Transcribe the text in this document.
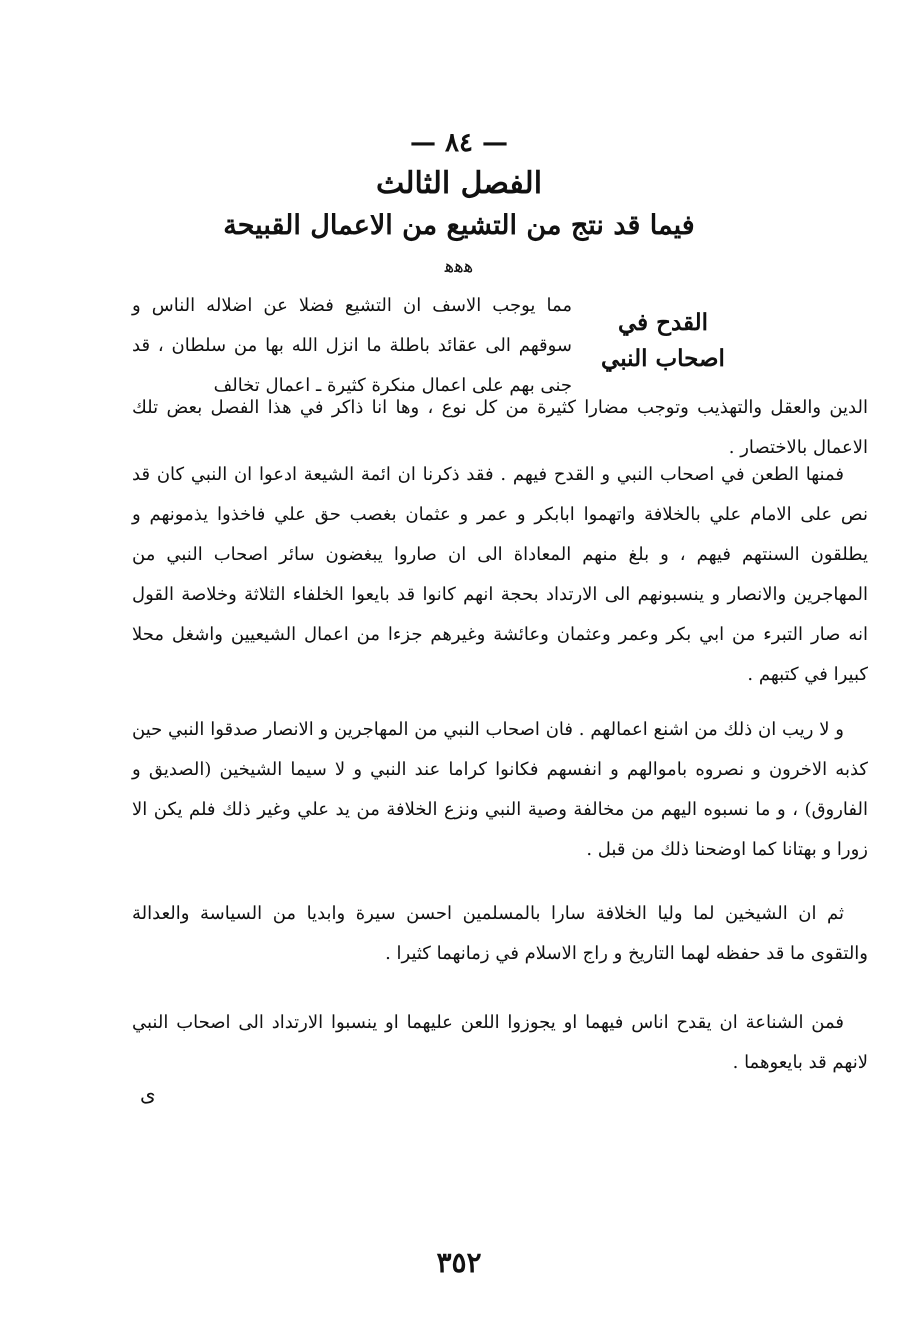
— ٨٤ —
الفصل الثالث
فيما قد نتج من التشيع من الاعمال القبيحة
ﻫﻫﻫ
القدح في اصحاب النبي
مما يوجب الاسف ان التشيع فضلا عن اضلاله الناس و سوقهم الى عقائد باطلة ما انزل الله بها من سلطان ، قد جنى بهم على اعمال منكرة كثيرة ـ اعمال تخالف
الدين والعقل والتهذيب وتوجب مضارا كثيرة من كل نوع ، وها انا ذاكر في هذا الفصل بعض تلك الاعمال بالاختصار .

فمنها الطعن في اصحاب النبي و القدح فيهم . فقد ذكرنا ان ائمة الشيعة ادعوا ان النبي كان قد نص على الامام علي بالخلافة واتهموا ابابكر و عمر و عثمان بغصب حق علي فاخذوا يذمونهم و يطلقون السنتهم فيهم ، و بلغ منهم المعاداة الى ان صاروا يبغضون سائر اصحاب النبي من المهاجرين والانصار و ينسبونهم الى الارتداد بحجة انهم كانوا قد بايعوا الخلفاء الثلاثة وخلاصة القول انه صار التبرء من ابي بكر وعمر وعثمان وعائشة وغيرهم جزءا من اعمال الشيعيين واشغل محلا كبيرا في كتبهم .

و لا ريب ان ذلك من اشنع اعمالهم . فان اصحاب النبي من المهاجرين و الانصار صدقوا النبي حين كذبه الاخرون و نصروه باموالهم و انفسهم فكانوا كراما عند النبي و لا سيما الشيخين (الصديق و الفاروق) ، و ما نسبوه اليهم من مخالفة وصية النبي ونزع الخلافة من يد علي وغير ذلك فلم يكن الا زورا و بهتانا كما اوضحنا ذلك من قبل .

ثم ان الشيخين لما وليا الخلافة سارا بالمسلمين احسن سيرة وابديا من السياسة والعدالة والتقوى ما قد حفظه لهما التاريخ و راج الاسلام في زمانهما كثيرا .

فمن الشناعة ان يقدح اناس فيهما او يجوزوا اللعن عليهما او ينسبوا الارتداد الى اصحاب النبي لانهم قد بايعوهما .

ى
٣٥٢
